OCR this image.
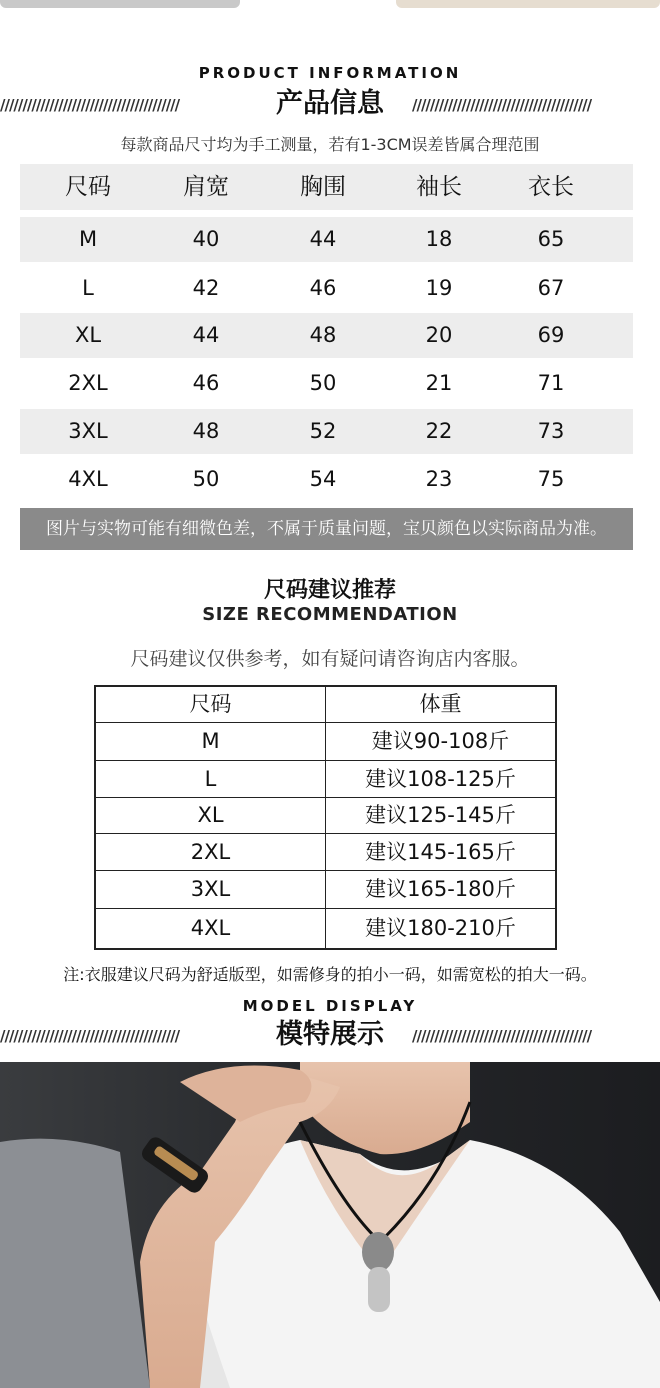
PRODUCT INFORMATION
////////////////////////////////////////	产品信息	////////////////////////////////////////
每款商品尺寸均为手工测量，若有1-3CM误差皆属合理范围
尺码	肩宽	胸围	袖长	衣长
M	40	44	18	65
L	42	46	19	67
XL	44	48	20	69
2XL	46	50	21	71
3XL	48	52	22	73
4XL	50	54	23	75
图片与实物可能有细微色差，不属于质量问题，宝贝颜色以实际商品为准。
尺码建议推荐
SIZE RECOMMENDATION
尺码建议仅供参考，如有疑问请咨询店内客服。
尺码	体重
M	建议90-108斤
L	建议108-125斤
XL	建议125-145斤
2XL	建议145-165斤
3XL	建议165-180斤
4XL	建议180-210斤
注:衣服建议尺码为舒适版型，如需修身的拍小一码，如需宽松的拍大一码。
MODEL DISPLAY
////////////////////////////////////////	模特展示	////////////////////////////////////////
